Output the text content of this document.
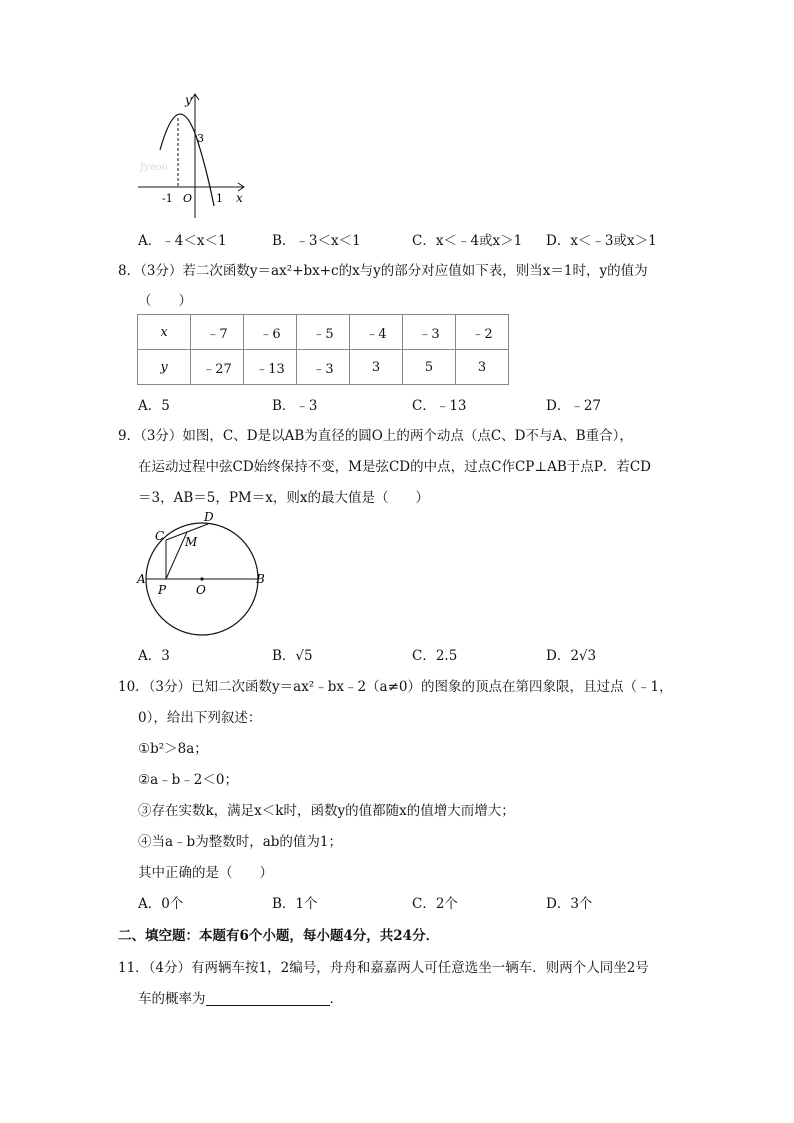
y
3
-1 O 1 x
Jyeoo
A．﹣4＜x＜1	B．﹣3＜x＜1	C．x＜﹣4或x＞1 D．x＜﹣3或x＞1
8．（3分）若二次函数y＝ax²+bx+c的x与y的部分对应值如下表，则当x＝1时，y的值为
（　　）
x	﹣7	﹣6	﹣5	﹣4	﹣3	﹣2
y	﹣27	﹣13	﹣3	3	5	3
A．5	B．﹣3	C．﹣13	D．﹣27
9．（3分）如图，C、D是以AB为直径的圆O上的两个动点（点C、D不与A、B重合），
在运动过程中弦CD始终保持不变，M是弦CD的中点，过点C作CP⊥AB于点P．若CD
＝3，AB＝5，PM＝x，则x的最大值是（　　）
A	B
C
D
M
P O
A．3	B．√5	C．2.5	D．2√3
10．（3分）已知二次函数y＝ax²﹣bx﹣2（a≠0）的图象的顶点在第四象限，且过点（﹣1，
0），给出下列叙述：
①b²＞8a；
②a﹣b﹣2＜0；
③存在实数k，满足x＜k时，函数y的值都随x的值增大而增大；
④当a﹣b为整数时，ab的值为1；
其中正确的是（　　）
A．0个	B．1个	C．2个	D．3个
二、填空题：本题有6个小题，每小题4分，共24分．
11．（4分）有两辆车按1，2编号，舟舟和嘉嘉两人可任意选坐一辆车．则两个人同坐2号
车的概率为	．
